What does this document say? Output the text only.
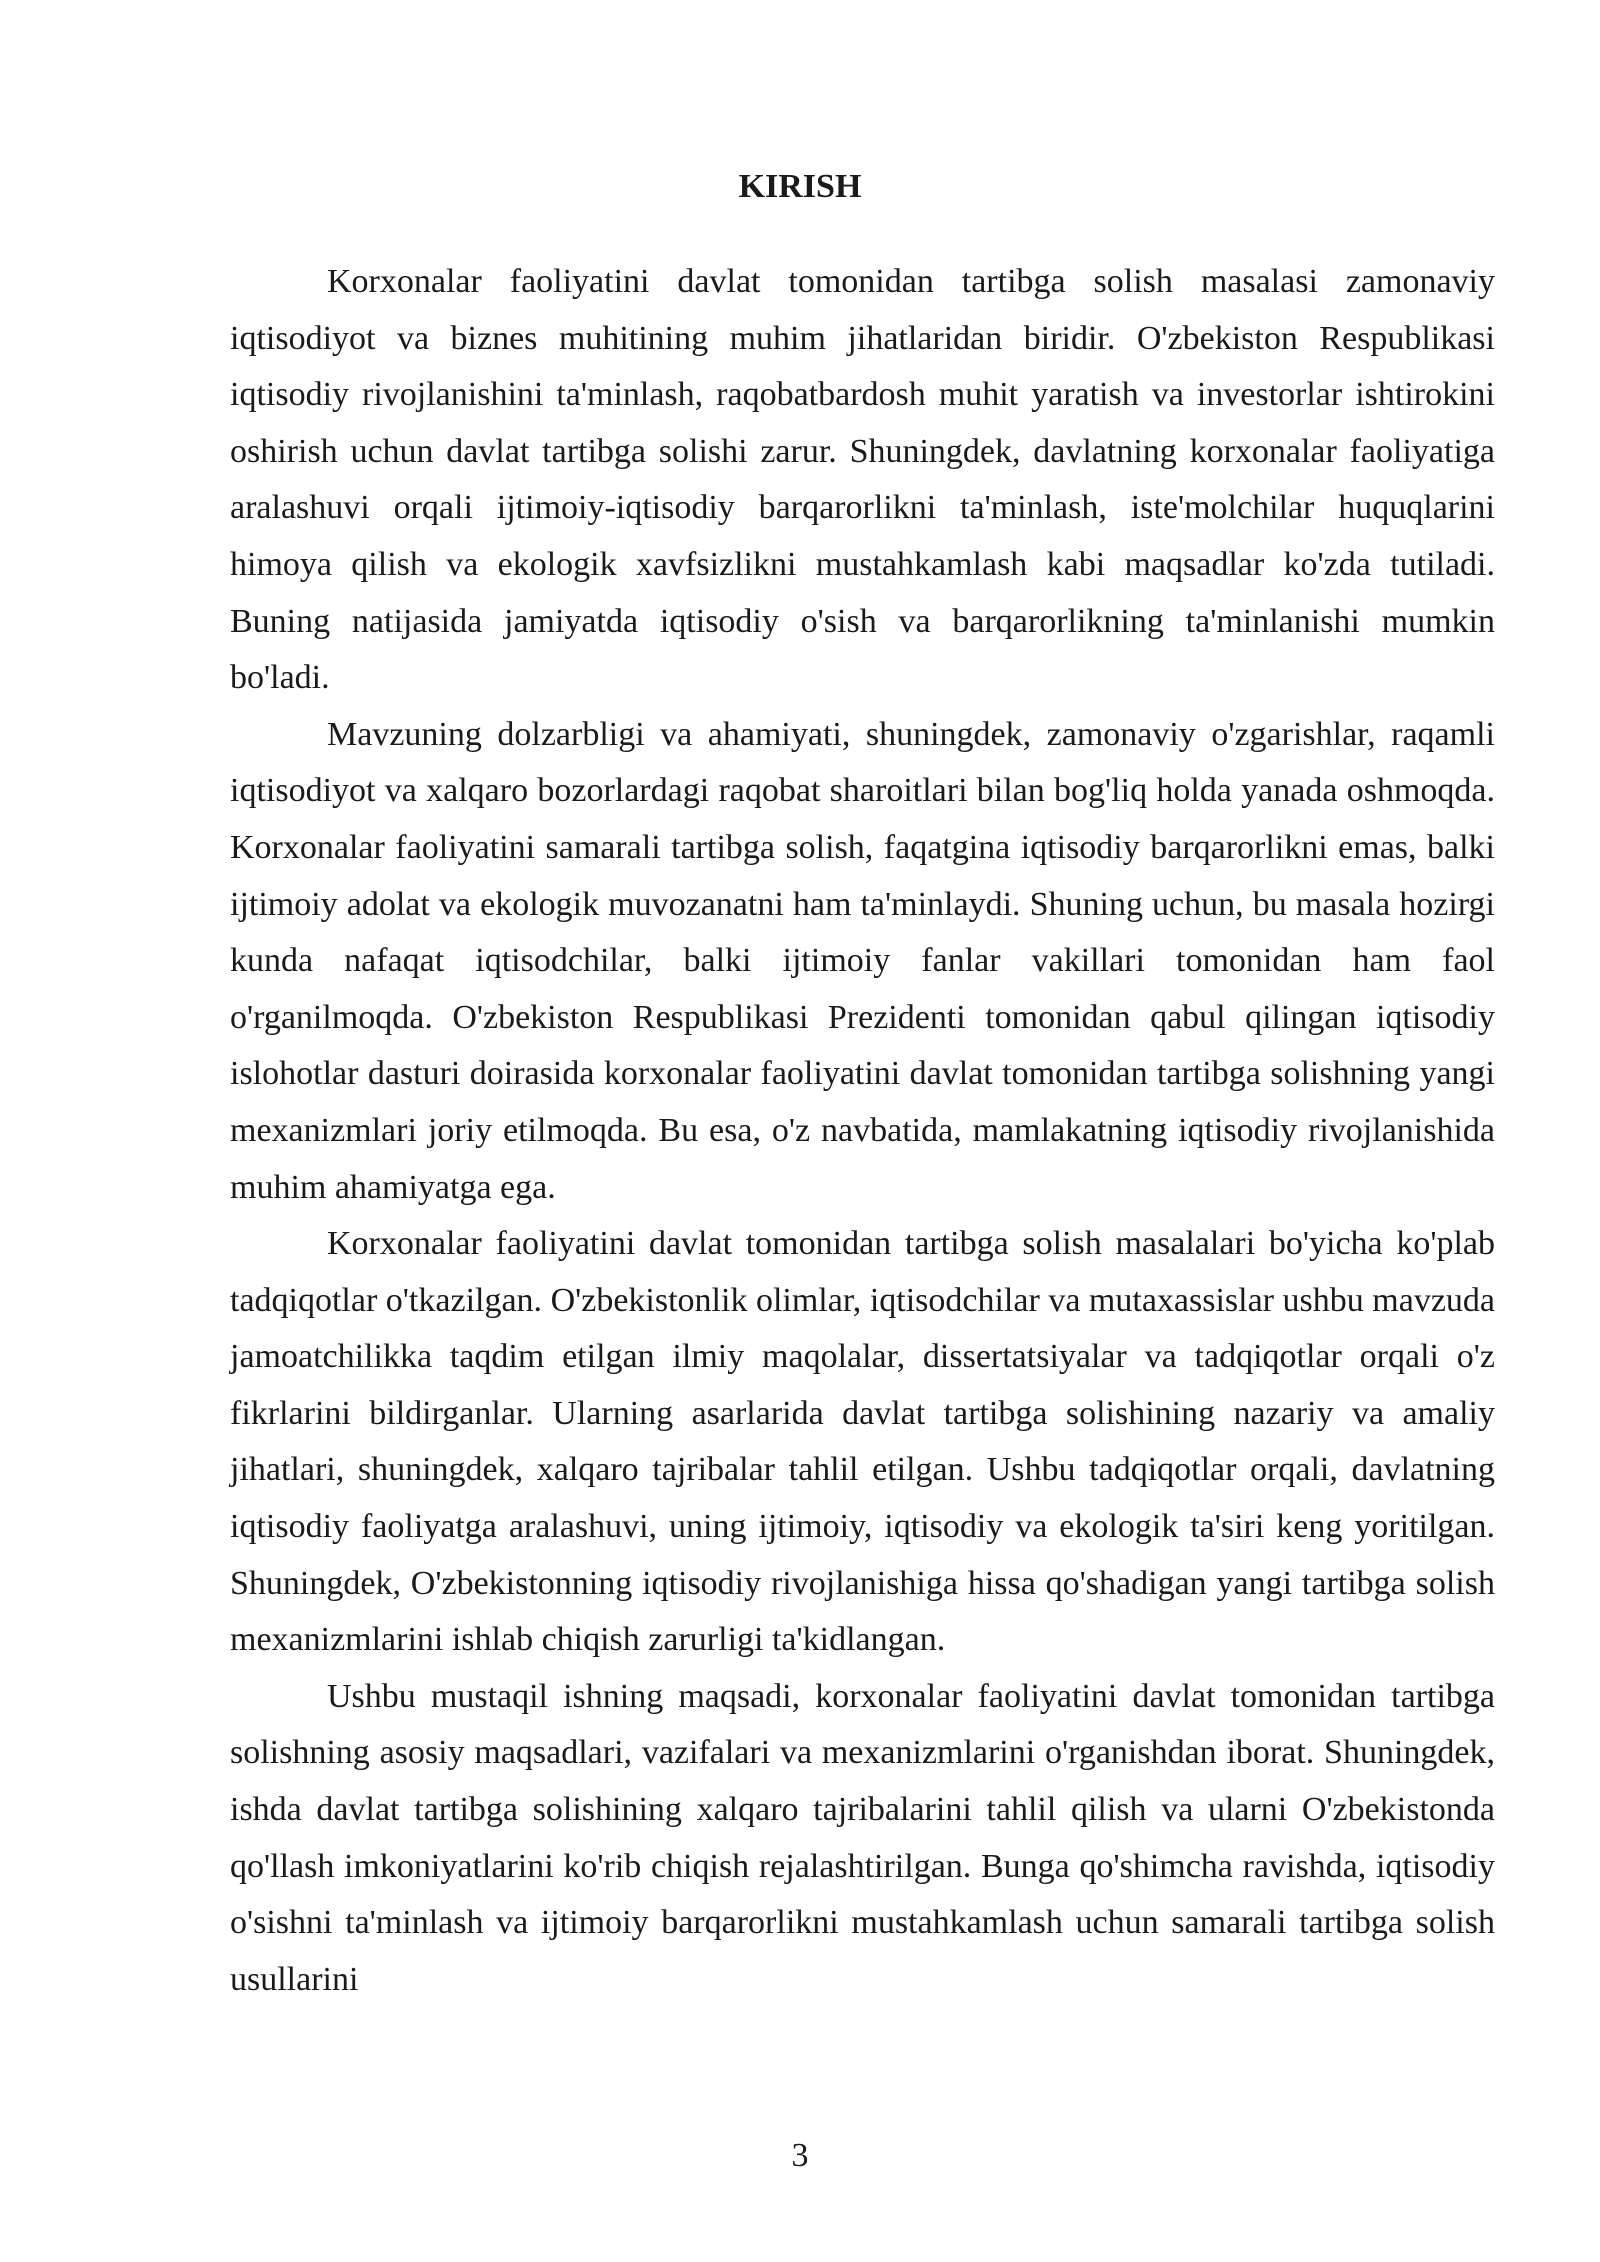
KIRISH

Korxonalar faoliyatini davlat tomonidan tartibga solish masalasi zamonaviy iqtisodiyot va biznes muhitining muhim jihatlaridan biridir. O'zbekiston Respublikasi iqtisodiy rivojlanishini ta'minlash, raqobatbardosh muhit yaratish va investorlar ishtirokini oshirish uchun davlat tartibga solishi zarur. Shuningdek, davlatning korxonalar faoliyatiga aralashuvi orqali ijtimoiy-iqtisodiy barqarorlikni ta'minlash, iste'molchilar huquqlarini himoya qilish va ekologik xavfsizlikni mustahkamlash kabi maqsadlar ko'zda tutiladi. Buning natijasida jamiyatda iqtisodiy o'sish va barqarorlikning ta'minlanishi mumkin bo'ladi.

Mavzuning dolzarbligi va ahamiyati, shuningdek, zamonaviy o'zgarishlar, raqamli iqtisodiyot va xalqaro bozorlardagi raqobat sharoitlari bilan bog'liq holda yanada oshmoqda. Korxonalar faoliyatini samarali tartibga solish, faqatgina iqtisodiy barqarorlikni emas, balki ijtimoiy adolat va ekologik muvozanatni ham ta'minlaydi. Shuning uchun, bu masala hozirgi kunda nafaqat iqtisodchilar, balki ijtimoiy fanlar vakillari tomonidan ham faol o'rganilmoqda. O'zbekiston Respublikasi Prezidenti tomonidan qabul qilingan iqtisodiy islohotlar dasturi doirasida korxonalar faoliyatini davlat tomonidan tartibga solishning yangi mexanizmlari joriy etilmoqda. Bu esa, o'z navbatida, mamlakatning iqtisodiy rivojlanishida muhim ahamiyatga ega.

Korxonalar faoliyatini davlat tomonidan tartibga solish masalalari bo'yicha ko'plab tadqiqotlar o'tkazilgan. O'zbekistonlik olimlar, iqtisodchilar va mutaxassislar ushbu mavzuda jamoatchilikka taqdim etilgan ilmiy maqolalar, dissertatsiyalar va tadqiqotlar orqali o'z fikrlarini bildirganlar. Ularning asarlarida davlat tartibga solishining nazariy va amaliy jihatlari, shuningdek, xalqaro tajribalar tahlil etilgan. Ushbu tadqiqotlar orqali, davlatning iqtisodiy faoliyatga aralashuvi, uning ijtimoiy, iqtisodiy va ekologik ta'siri keng yoritilgan. Shuningdek, O'zbekistonning iqtisodiy rivojlanishiga hissa qo'shadigan yangi tartibga solish mexanizmlarini ishlab chiqish zarurligi ta'kidlangan.

Ushbu mustaqil ishning maqsadi, korxonalar faoliyatini davlat tomonidan tartibga solishning asosiy maqsadlari, vazifalari va mexanizmlarini o'rganishdan iborat. Shuningdek, ishda davlat tartibga solishining xalqaro tajribalarini tahlil qilish va ularni O'zbekistonda qo'llash imkoniyatlarini ko'rib chiqish rejalashtirilgan. Bunga qo'shimcha ravishda, iqtisodiy o'sishni ta'minlash va ijtimoiy barqarorlikni mustahkamlash uchun samarali tartibga solish usullarini

3
